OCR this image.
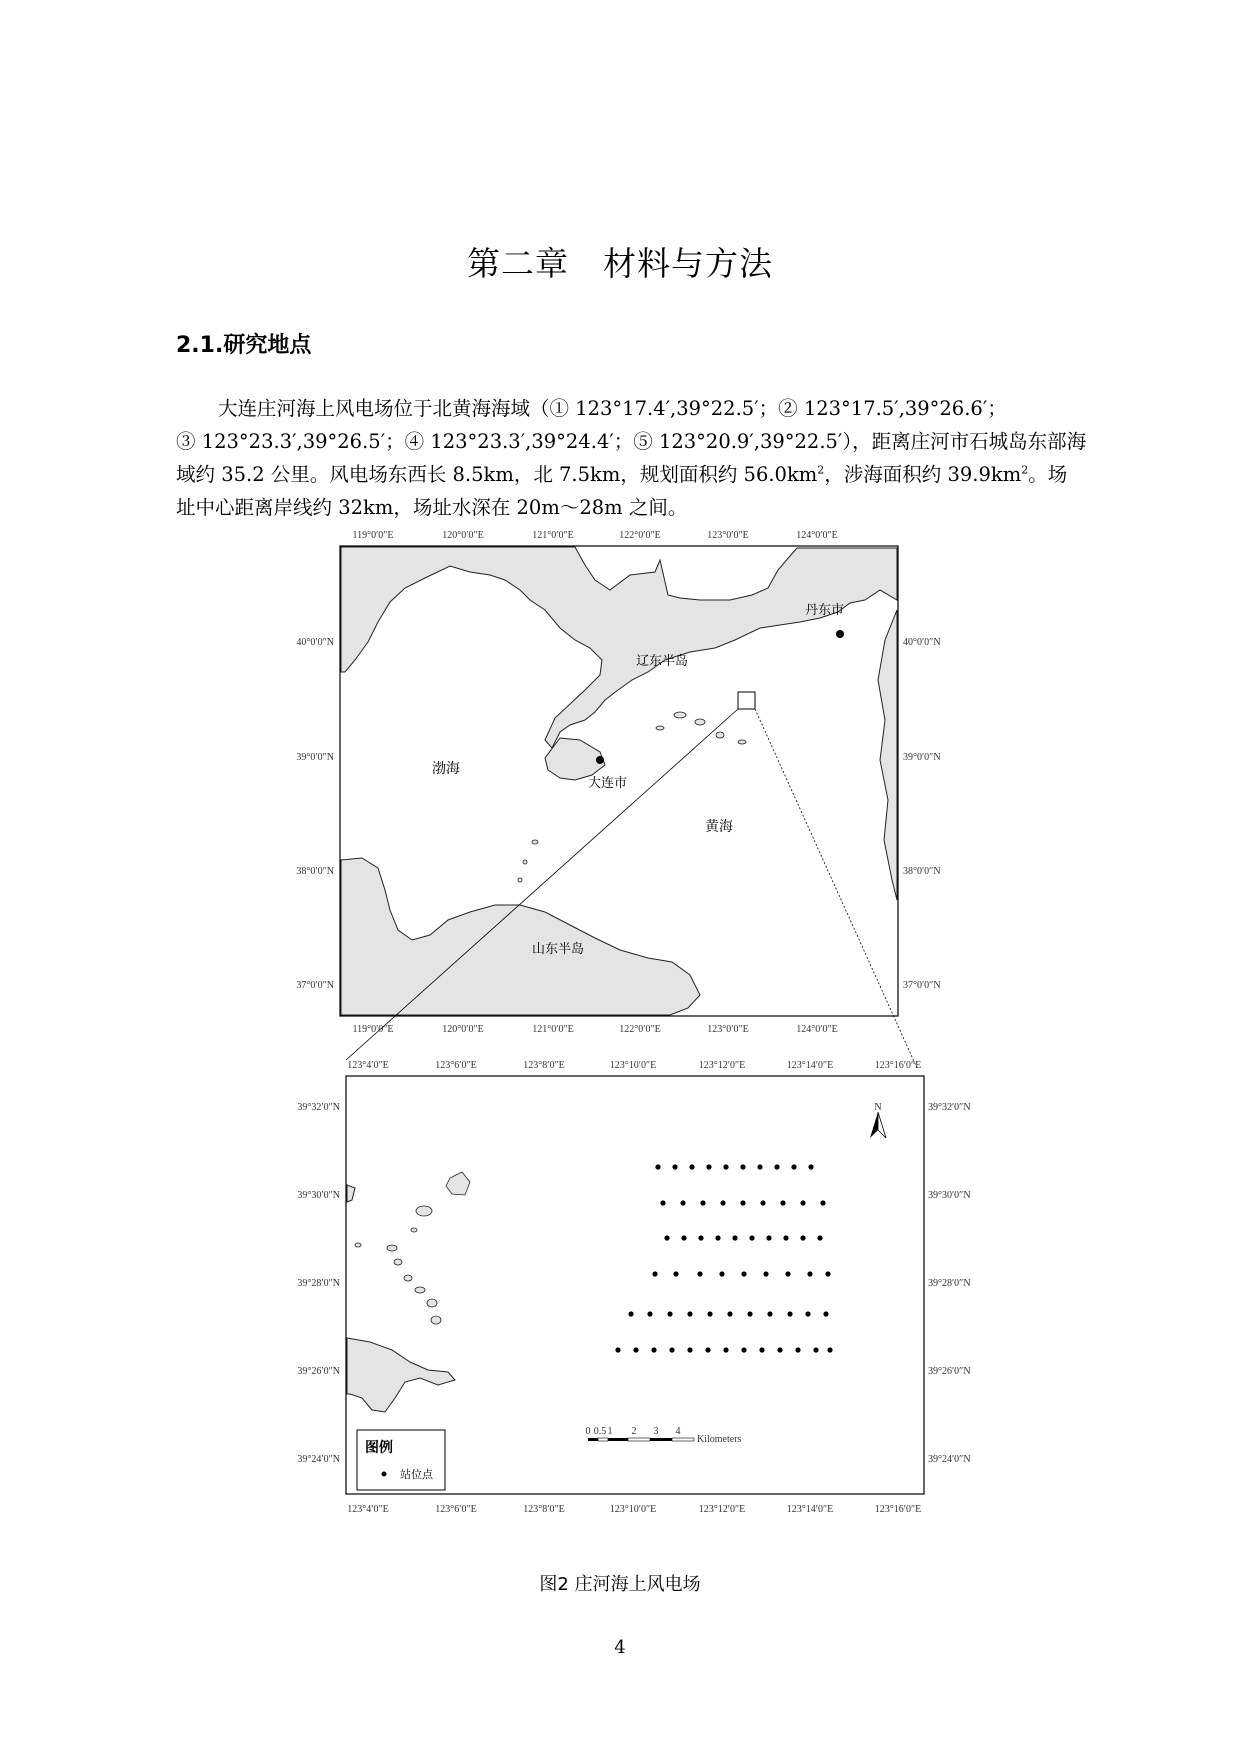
第二章　材料与方法
2.1.研究地点

大连庄河海上风电场位于北黄海海域（① 123°17.4′,39°22.5′；② 123°17.5′,39°26.6′；

③ 123°23.3′,39°26.5′；④ 123°23.3′,39°24.4′；⑤ 123°20.9′,39°22.5′），距离庄河市石城岛东部海

域约 35.2 公里。风电场东西长 8.5km，北 7.5km，规划面积约 $56.0km^2$，涉海面积约 $39.9km^2$。场

址中心距离岸线约 32km，场址水深在 20m～28m 之间。

丹东市
辽东半岛
渤海
大连市
黄海
山东半岛
119°0′0″E	120°0′0″E	121°0′0″E	122°0′0″E	123°0′0″E	124°0′0″E
119°0′0″E	120°0′0″E	121°0′0″E	122°0′0″E	123°0′0″E	124°0′0″E
40°0′0″N
39°0′0″N
38°0′0″N
37°0′0″N
40°0′0″N
39°0′0″N
38°0′0″N
37°0′0″N
N
0 0.5 1 2 3 4
Kilometers
图例
站位点
123°4′0″E	123°6′0″E	123°8′0″E	123°10′0″E	123°12′0″E	123°14′0″E	123°16′0″E
123°4′0″E	123°6′0″E	123°8′0″E	123°10′0″E	123°12′0″E	123°14′0″E	123°16′0″E
39°32′0″N
39°30′0″N
39°28′0″N
39°26′0″N
39°24′0″N
39°32′0″N
39°30′0″N
39°28′0″N
39°26′0″N
39°24′0″N
图2 庄河海上风电场
4
